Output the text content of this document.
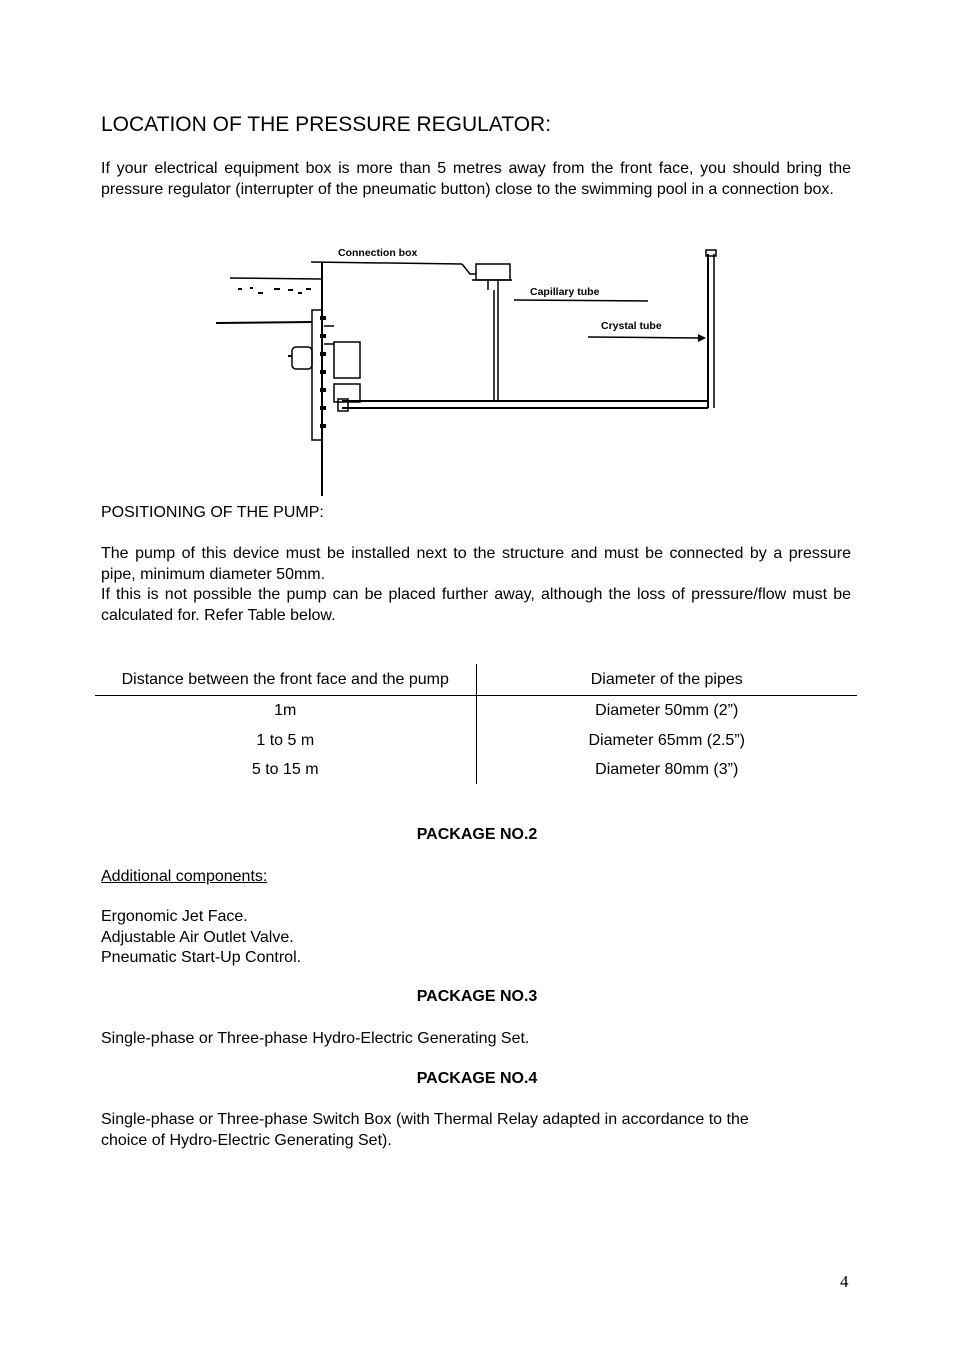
LOCATION OF THE PRESSURE REGULATOR:

If your electrical equipment box is more than 5 metres away from the front face, you should bring the pressure regulator (interrupter of the pneumatic button) close to the swimming pool in a connection box.

Connection box
Capillary tube
Crystal tube
POSITIONING OF THE PUMP:

The pump of this device must be installed next to the structure and must be connected by a pressure pipe, minimum diameter 50mm.

If this is not possible the pump can be placed further away, although the loss of pressure/flow must be calculated for. Refer Table below.

Distance between the front face and the pump	Diameter of the pipes
1m	Diameter 50mm (2”)
1 to 5 m	Diameter 65mm (2.5”)
5 to 15 m	Diameter 80mm (3”)
PACKAGE NO.2
Additional components:
Ergonomic Jet Face.
Adjustable Air Outlet Valve.
Pneumatic Start-Up Control.
PACKAGE NO.3
Single-phase or Three-phase Hydro-Electric Generating Set.
PACKAGE NO.4
Single-phase or Three-phase Switch Box (with Thermal Relay adapted in accordance to the
choice of Hydro-Electric Generating Set).
4
